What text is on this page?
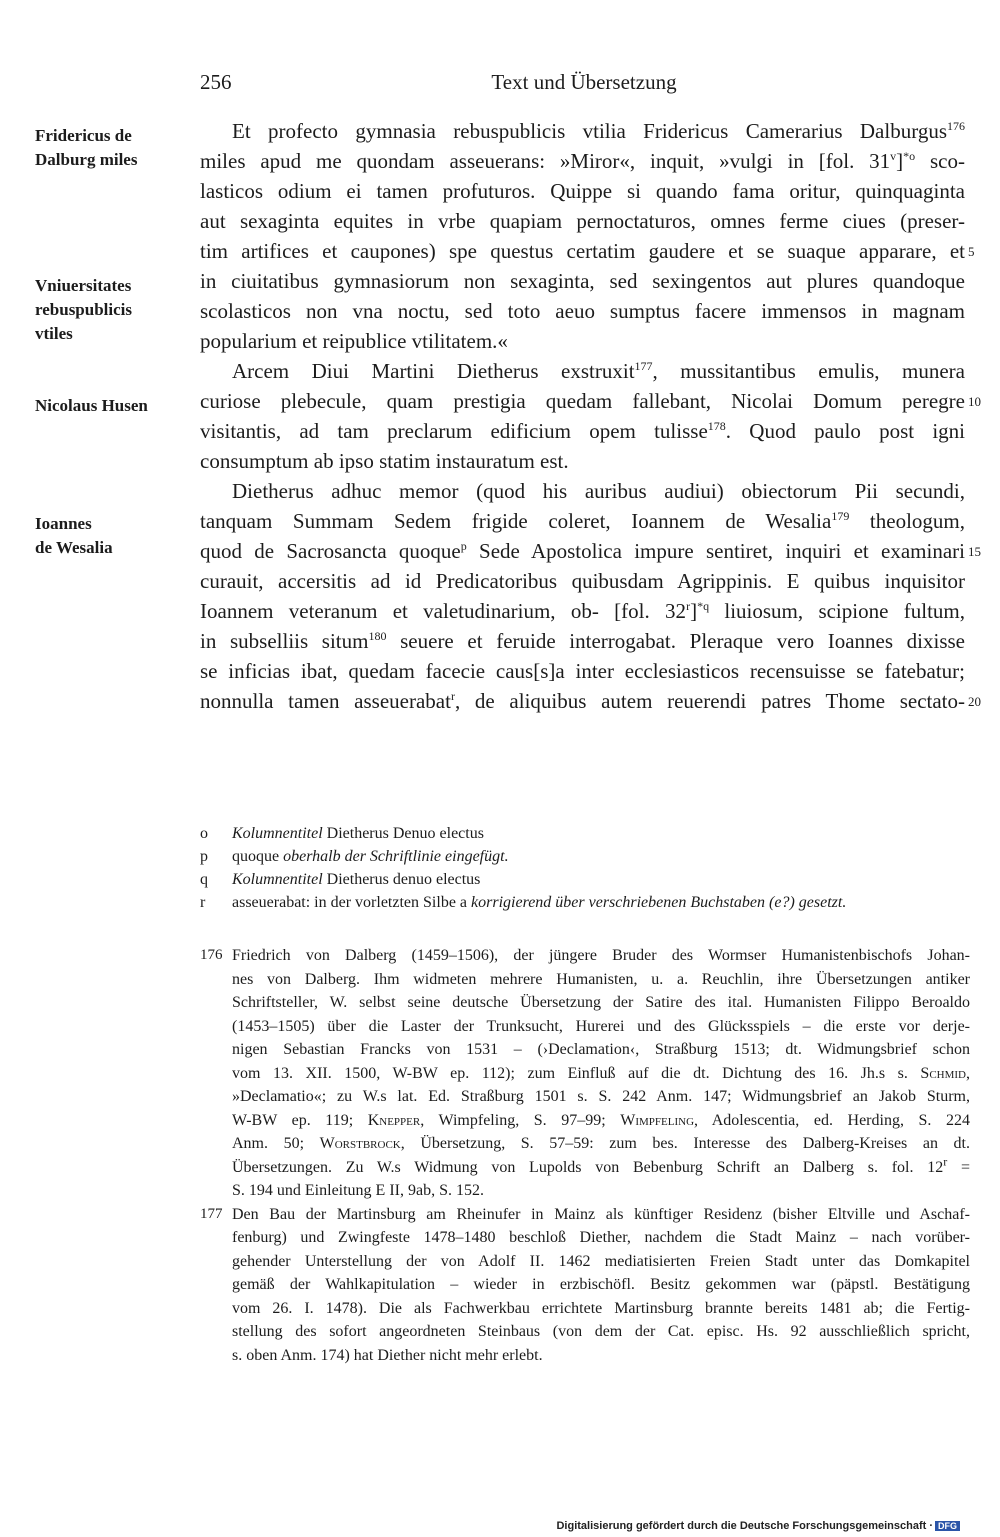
256	Text und Übersetzung
Fridericus de
Dalburg miles
Vniuersitates
rebuspublicis
vtiles
Nicolaus Husen
Ioannes
de Wesalia
5
10
15
20
Et profecto gymnasia rebuspublicis vtilia Fridericus Camerarius Dalburgus$^{176}$
miles apud me quondam asseuerans: »Miror«, inquit, »vulgi in [fol. 31$^v$]$^{*o}$ sco-
lasticos odium ei tamen profuturos. Quippe si quando fama oritur, quinquaginta
aut sexaginta equites in vrbe quapiam pernoctaturos, omnes ferme ciues (preser-
tim artifices et caupones) spe questus certatim gaudere et se suaque apparare, et
in ciuitatibus gymnasiorum non sexaginta, sed sexingentos aut plures quandoque
scolasticos non vna noctu, sed toto aeuo sumptus facere immensos in magnam
popularium et reipublice vtilitatem.«
Arcem Diui Martini Dietherus exstruxit$^{177}$, mussitantibus emulis, munera
curiose plebecule, quam prestigia quedam fallebant, Nicolai Domum peregre
visitantis, ad tam preclarum edificium opem tulisse$^{178}$. Quod paulo post igni
consumptum ab ipso statim instauratum est.
Dietherus adhuc memor (quod his auribus audiui) obiectorum Pii secundi,
tanquam Summam Sedem frigide coleret, Ioannem de Wesalia$^{179}$ theologum,
quod de Sacrosancta quoque$^p$ Sede Apostolica impure sentiret, inquiri et examinari
curauit, accersitis ad id Predicatoribus quibusdam Agrippinis. E quibus inquisitor
Ioannem veteranum et valetudinarium, ob- [fol. 32$^r$]$^{*q}$ liuiosum, scipione fultum,
in subselliis situm$^{180}$ seuere et feruide interrogabat. Pleraque vero Ioannes dixisse
se inficias ibat, quedam facecie caus[s]a inter ecclesiasticos recensuisse se fatebatur;
nonnulla tamen asseuerabat$^r$, de aliquibus autem reuerendi patres Thome sectato-
o	Kolumnentitel Dietherus Denuo electus
p	quoque oberhalb der Schriftlinie eingefügt.
q	Kolumnentitel Dietherus denuo electus
r	asseuerabat: in der vorletzten Silbe a korrigierend über verschriebenen Buchstaben (e?) gesetzt.
176 Friedrich von Dalberg (1459–1506), der jüngere Bruder des Wormser Humanistenbischofs Johan-
nes von Dalberg. Ihm widmeten mehrere Humanisten, u. a. Reuchlin, ihre Übersetzungen antiker
Schriftsteller, W. selbst seine deutsche Übersetzung der Satire des ital. Humanisten Filippo Beroaldo
(1453–1505) über die Laster der Trunksucht, Hurerei und des Glücksspiels – die erste vor derje-
nigen Sebastian Francks von 1531 – (›Declamation‹, Straßburg 1513; dt. Widmungsbrief schon
vom 13. XII. 1500, W-BW ep. 112); zum Einfluß auf die dt. Dichtung des 16. Jh.s s. Schmid,
»Declamatio«; zu W.s lat. Ed. Straßburg 1501 s. S. 242 Anm. 147; Widmungsbrief an Jakob Sturm,
W-BW ep. 119; Knepper, Wimpfeling, S. 97–99; Wimpfeling, Adolescentia, ed. Herding, S. 224
Anm. 50; Worstbrock, Übersetzung, S. 57–59: zum bes. Interesse des Dalberg-Kreises an dt.
Übersetzungen. Zu W.s Widmung von Lupolds von Bebenburg Schrift an Dalberg s. fol. $12^r$ =
S. 194 und Einleitung E II, 9ab, S. 152.
177 Den Bau der Martinsburg am Rheinufer in Mainz als künftiger Residenz (bisher Eltville und Aschaf-
fenburg) und Zwingfeste 1478–1480 beschloß Diether, nachdem die Stadt Mainz – nach vorüber-
gehender Unterstellung der von Adolf II. 1462 mediatisierten Freien Stadt unter das Domkapitel
gemäß der Wahlkapitulation – wieder in erzbischöfl. Besitz gekommen war (päpstl. Bestätigung
vom 26. I. 1478). Die als Fachwerkbau errichtete Martinsburg brannte bereits 1481 ab; die Fertig-
stellung des sofort angeordneten Steinbaus (von dem der Cat. episc. Hs. 92 ausschließlich spricht,
s. oben Anm. 174) hat Diether nicht mehr erlebt.
Digitalisierung gefördert durch die Deutsche Forschungsgemeinschaft · DFG
